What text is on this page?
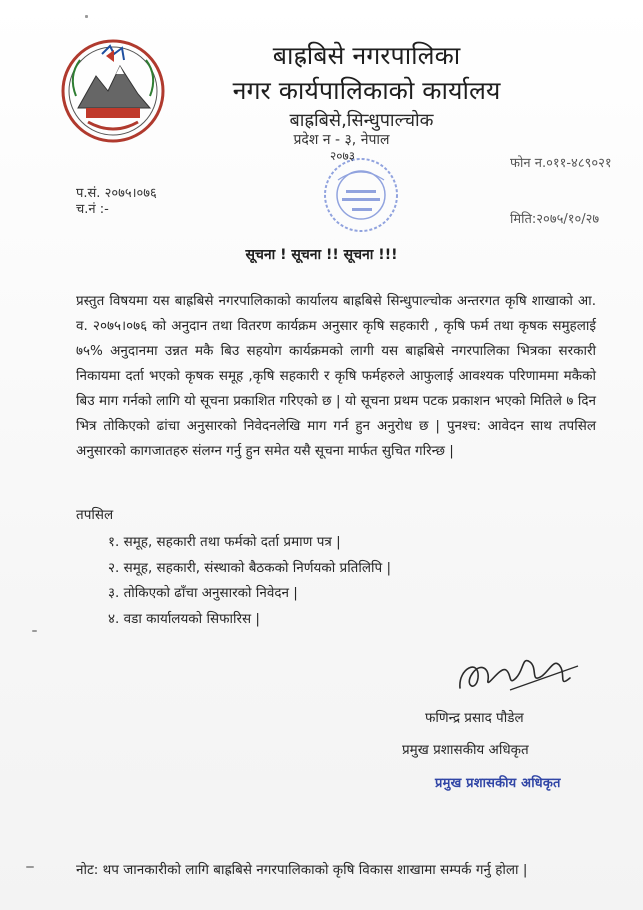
बाह्रबिसे नगरपालिका
नगर कार्यपालिकाको कार्यालय
बाह्रबिसे,सिन्धुपाल्चोक
प्रदेश न - ३, नेपाल
२०७३
प.सं. २०७५।०७६
च.नं :-
फोन न.०११-४८९०२१
मिति:२०७५/१०/२७
सूचना ! सूचना !! सूचना !!!
प्रस्तुत विषयमा यस बाह्रबिसे नगरपालिकाको कार्यालय बाह्रबिसे सिन्धुपाल्चोक अन्तरगत कृषि शाखाको आ. व. २०७५।०७६ को अनुदान तथा वितरण कार्यक्रम अनुसार कृषि सहकारी , कृषि फर्म तथा कृषक समुहलाई ७५% अनुदानमा उन्नत मकै बिउ सहयोग कार्यक्रमको लागी यस बाह्रबिसे नगरपालिका भित्रका सरकारी निकायमा दर्ता भएको कृषक समूह ,कृषि सहकारी र कृषि फर्महरुले आफुलाई आवश्यक परिणाममा मकैको बिउ माग गर्नको लागि यो सूचना प्रकाशित गरिएको छ | यो सूचना प्रथम पटक प्रकाशन भएको मितिले ७ दिन भित्र तोकिएको ढांचा अनुसारको निवेदनलेखि माग गर्न हुन अनुरोध छ | पुनश्च: आवेदन साथ तपसिल अनुसारको कागजातहरु संलग्न गर्नु हुन समेत यसै सूचना मार्फत सुचित गरिन्छ |
तपसिल
१. समूह, सहकारी तथा फर्मको दर्ता प्रमाण पत्र |
२. समूह, सहकारी, संस्थाको बैठकको निर्णयको प्रतिलिपि |
३. तोकिएको ढाँचा अनुसारको निवेदन |
४. वडा कार्यालयको सिफारिस |
फणिन्द्र प्रसाद पौडेल
प्रमुख प्रशासकीय अधिकृत
प्रमुख प्रशासकीय अधिकृत
नोट: थप जानकारीको लागि बाह्रबिसे नगरपालिकाको कृषि विकास शाखामा सम्पर्क गर्नु होला |
